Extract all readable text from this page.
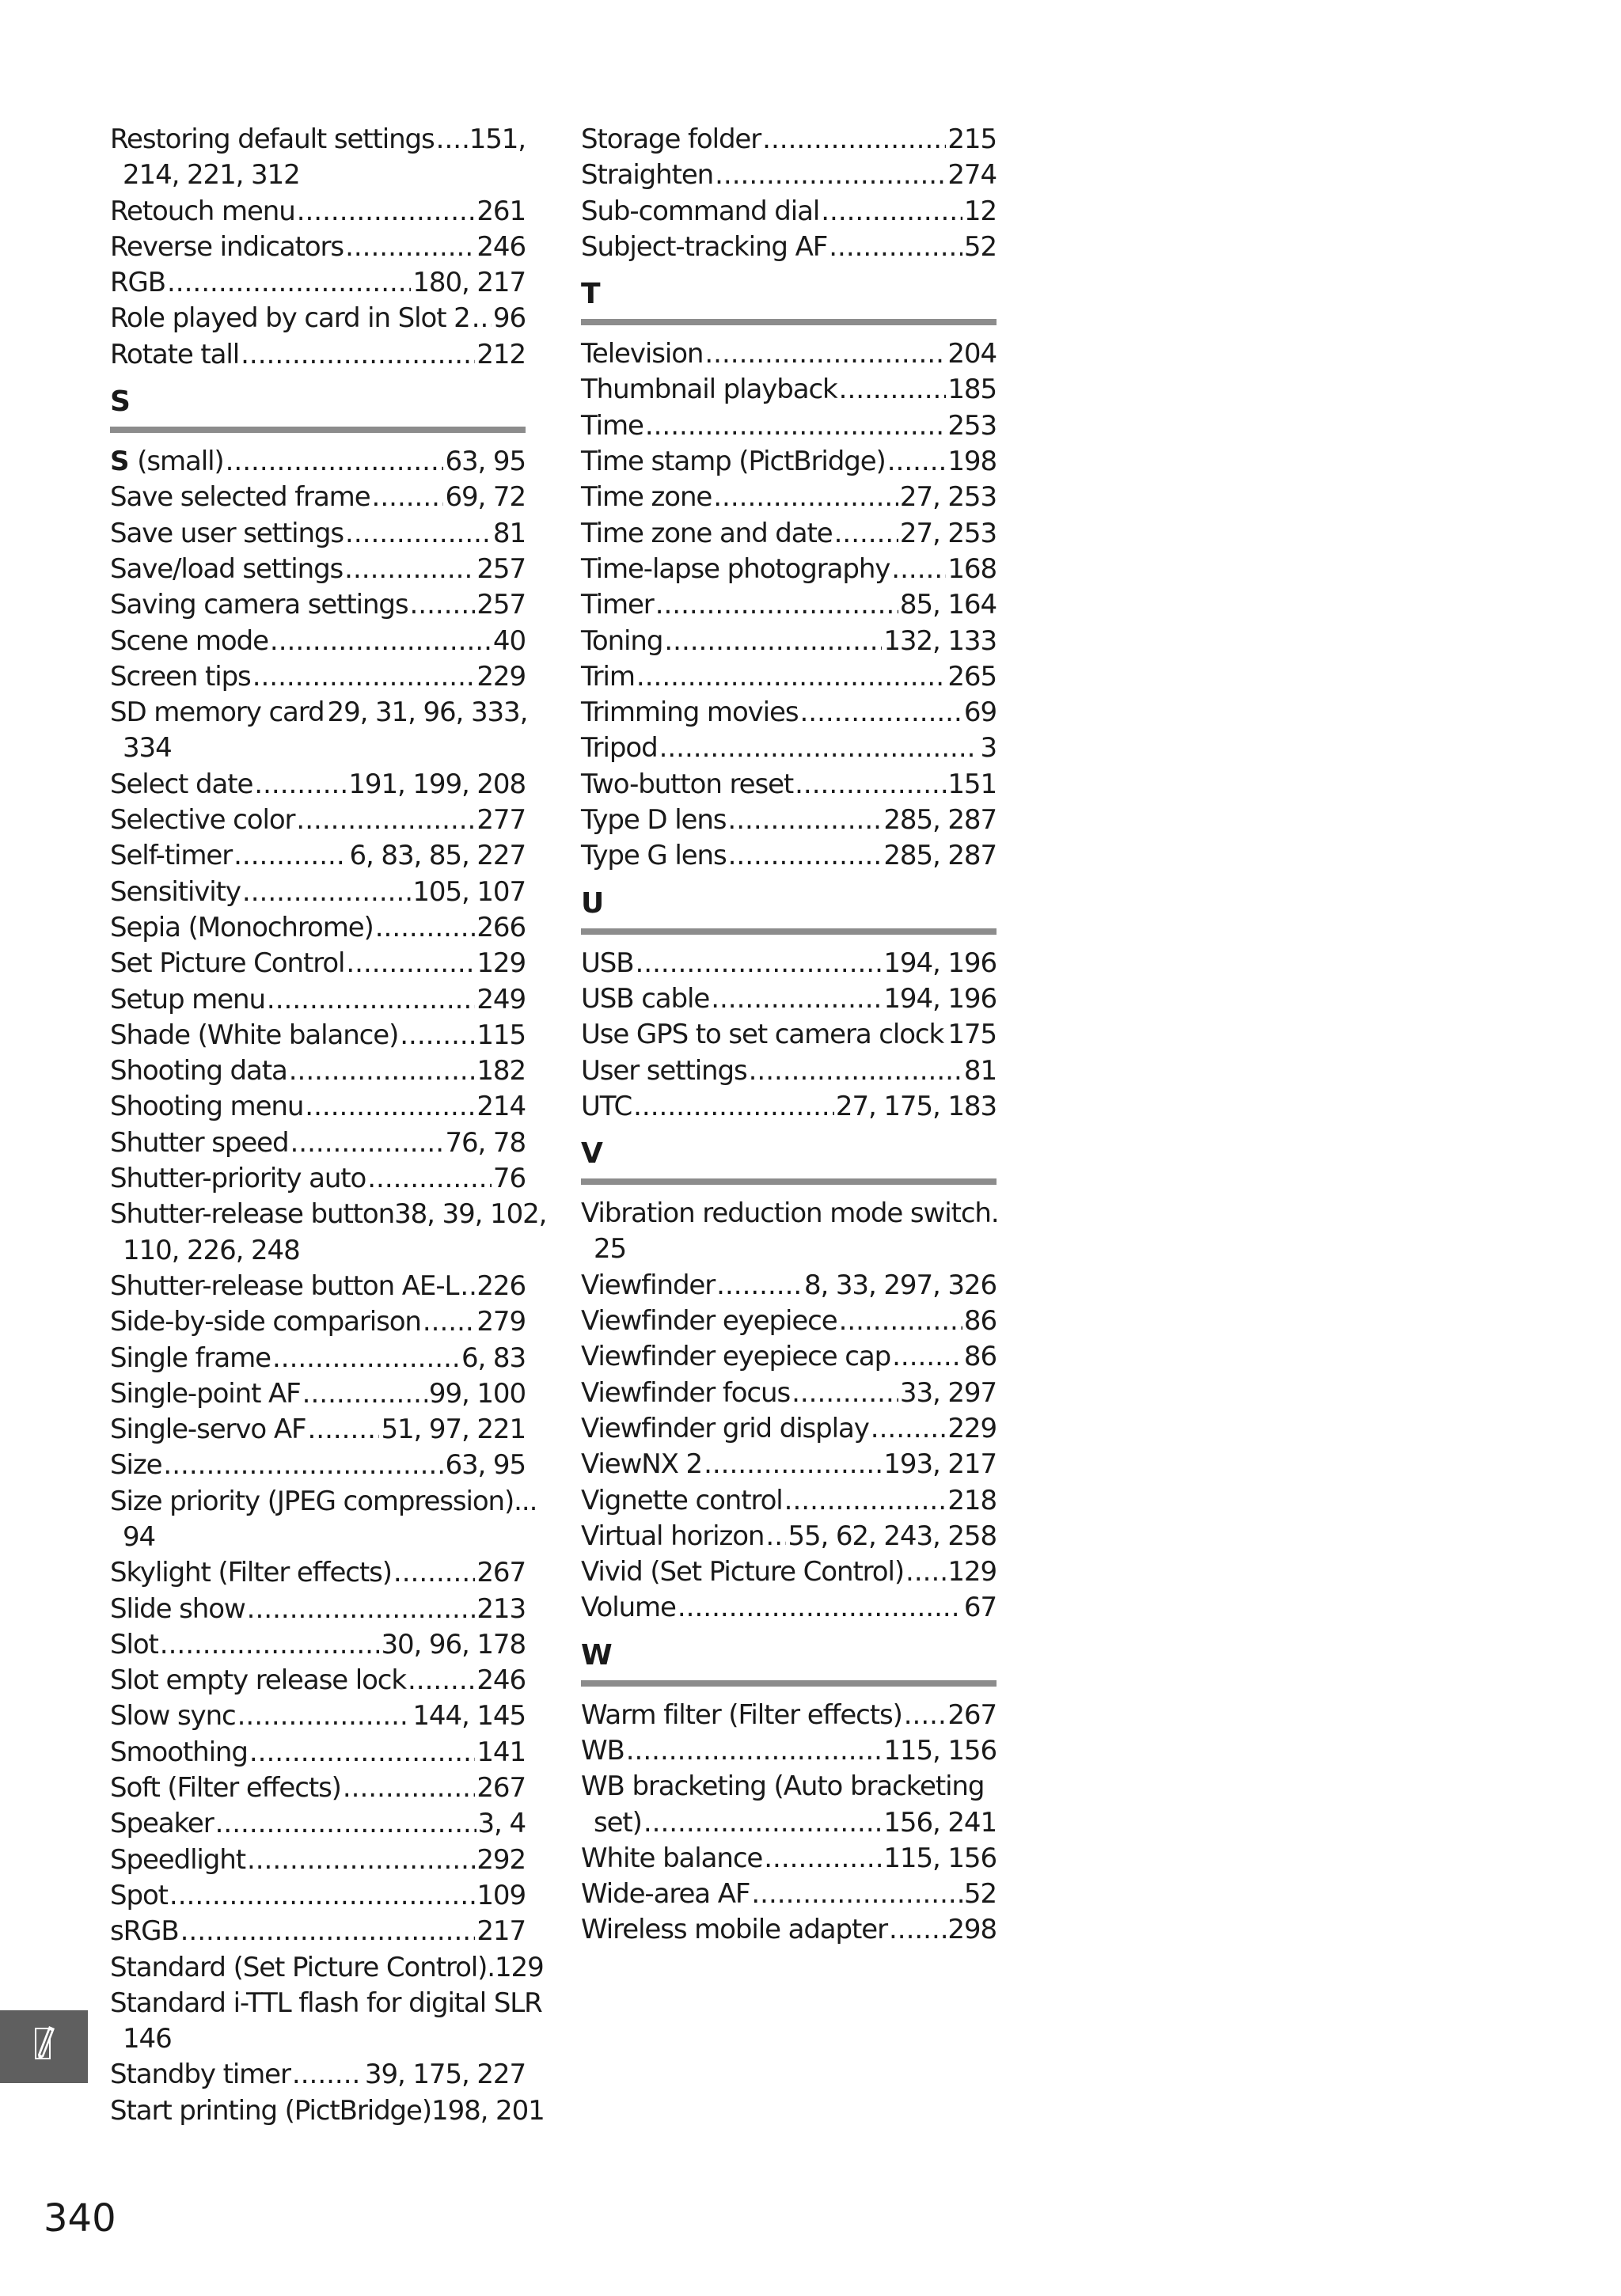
Restoring default settings ..... 151,
214, 221, 312
Retouch menu .....	261
Reverse indicators .....	246
RGB .....	180, 217
Role played by card in Slot 2 ..... 96
Rotate tall .....	212
S
S (small) .....	63, 95
Save selected frame .....	69, 72
Save user settings .....	81
Save/load settings .....	257
Saving camera settings .....	257
Scene mode .....	40
Screen tips .....	229
SD memory card 29, 31, 96, 333,
334
Select date .....	191, 199, 208
Selective color .....	277
Self-timer .....	6, 83, 85, 227
Sensitivity .....	105, 107
Sepia (Monochrome) .....	266
Set Picture Control .....	129
Setup menu .....	249
Shade (White balance) .....	115
Shooting data .....	182
Shooting menu .....	214
Shutter speed .....	76, 78
Shutter-priority auto .....	76
Shutter-release button 38, 39, 102,
110, 226, 248
Shutter-release button AE-L ..... 226
Side-by-side comparison ..... 279
Single frame .....	6, 83
Single-point AF .....	99, 100
Single-servo AF .....	51, 97, 221
Size .....	63, 95
Size priority (JPEG compression) ...
94
Skylight (Filter effects) .....	267
Slide show .....	213
Slot .....	30, 96, 178
Slot empty release lock .....	246
Slow sync .....	144, 145
Smoothing .....	141
Soft (Filter effects) .....	267
Speaker .....	3, 4
Speedlight .....	292
Spot .....	109
sRGB .....	217
Standard (Set Picture Control). 129
Standard i-TTL flash for digital SLR
146
Standby timer .....	39, 175, 227
Start printing (PictBridge) 198, 201
Storage folder .....	215
Straighten .....	274
Sub-command dial .....	12
Subject-tracking AF .....	52
T
Television .....	204
Thumbnail playback .....	185
Time .....	253
Time stamp (PictBridge) ..... 198
Time zone .....	27, 253
Time zone and date .....	27, 253
Time-lapse photography ..... 168
Timer .....	85, 164
Toning .....	132, 133
Trim .....	265
Trimming movies .....	69
Tripod .....	3
Two-button reset .....	151
Type D lens .....	285, 287
Type G lens .....	285, 287
U
USB .....	194, 196
USB cable .....	194, 196
Use GPS to set camera clock ..... 175
User settings .....	81
UTC .....	27, 175, 183
V
Vibration reduction mode switch .
25
Viewfinder .....	8, 33, 297, 326
Viewfinder eyepiece .....	86
Viewfinder eyepiece cap .....	86
Viewfinder focus .....	33, 297
Viewfinder grid display .....	229
ViewNX 2 .....	193, 217
Vignette control .....	218
Virtual horizon ..... 55, 62, 243, 258
Vivid (Set Picture Control) ..... 129
Volume .....	67
W
Warm filter (Filter effects) ..... 267
WB .....	115, 156
WB bracketing (Auto bracketing
set) .....	156, 241
White balance .....	115, 156
Wide-area AF .....	52
Wireless mobile adapter ..... 298
340
